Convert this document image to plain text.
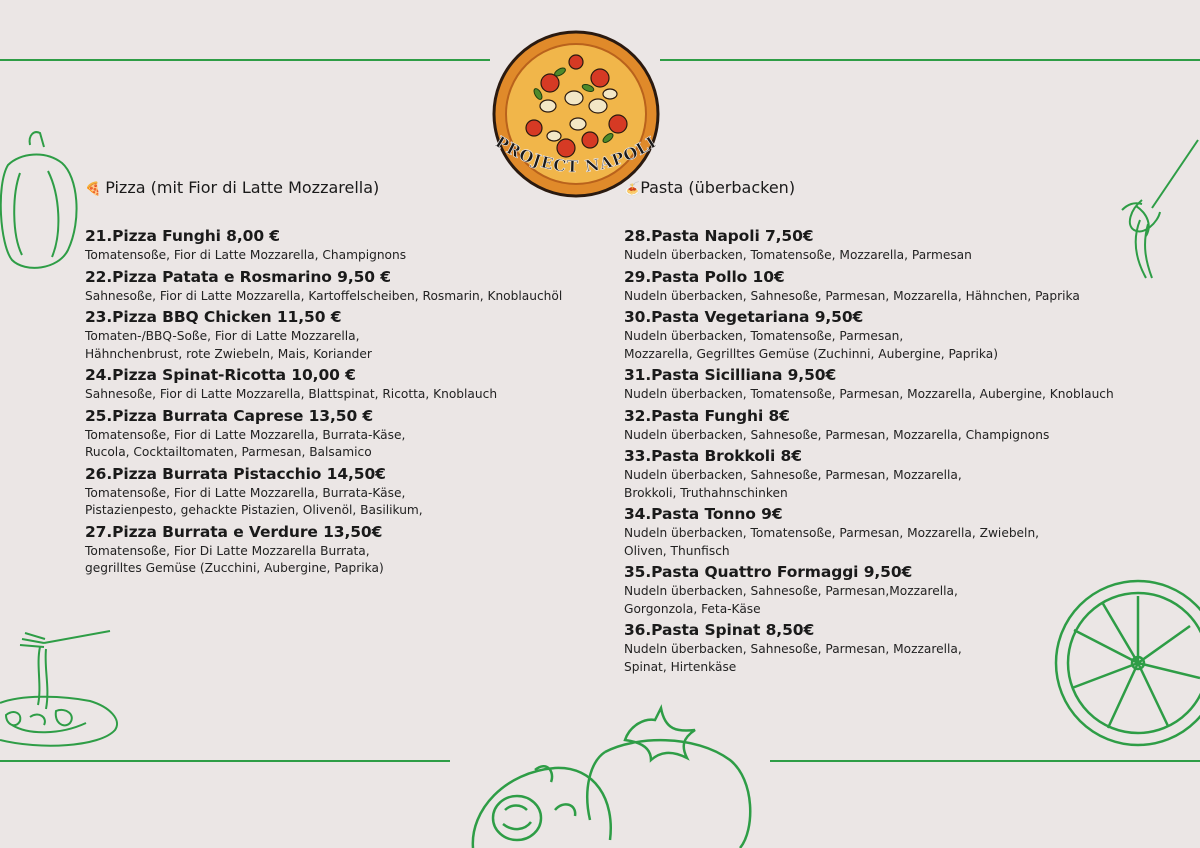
PROJECT NAPOLI
🍕 Pizza (mit Fior di Latte Mozzarella)	🍝Pasta (überbacken)
21.Pizza Funghi 8,00 €
Tomatensoße, Fior di Latte Mozzarella, Champignons
22.Pizza Patata e Rosmarino 9,50 €
Sahnesoße, Fior di Latte Mozzarella, Kartoffelscheiben, Rosmarin, Knoblauchöl
23.Pizza BBQ Chicken 11,50 €
Tomaten-/BBQ-Soße, Fior di Latte Mozzarella,
Hähnchenbrust, rote Zwiebeln, Mais, Koriander
24.Pizza Spinat-Ricotta 10,00 €
Sahnesoße, Fior di Latte Mozzarella, Blattspinat, Ricotta, Knoblauch
25.Pizza Burrata Caprese 13,50 €
Tomatensoße, Fior di Latte Mozzarella, Burrata-Käse,
Rucola, Cocktailtomaten, Parmesan, Balsamico
26.Pizza Burrata Pistacchio 14,50€
Tomatensoße, Fior di Latte Mozzarella, Burrata-Käse,
Pistazienpesto, gehackte Pistazien, Olivenöl, Basilikum,
27.Pizza Burrata e Verdure 13,50€
Tomatensoße, Fior Di Latte Mozzarella Burrata,
gegrilltes Gemüse (Zucchini, Aubergine, Paprika)
28.Pasta Napoli 7,50€
Nudeln überbacken, Tomatensoße, Mozzarella, Parmesan
29.Pasta Pollo 10€
Nudeln überbacken, Sahnesoße, Parmesan, Mozzarella, Hähnchen, Paprika
30.Pasta Vegetariana 9,50€
Nudeln überbacken, Tomatensoße, Parmesan,
Mozzarella, Gegrilltes Gemüse (Zuchinni, Aubergine, Paprika)
31.Pasta Sicilliana 9,50€
Nudeln überbacken, Tomatensoße, Parmesan, Mozzarella, Aubergine, Knoblauch
32.Pasta Funghi 8€
Nudeln überbacken, Sahnesoße, Parmesan, Mozzarella, Champignons
33.Pasta Brokkoli 8€
Nudeln überbacken, Sahnesoße, Parmesan, Mozzarella,
Brokkoli, Truthahnschinken
34.Pasta Tonno 9€
Nudeln überbacken, Tomatensoße, Parmesan, Mozzarella, Zwiebeln,
Oliven, Thunfisch
35.Pasta Quattro Formaggi 9,50€
Nudeln überbacken, Sahnesoße, Parmesan,Mozzarella,
Gorgonzola, Feta-Käse
36.Pasta Spinat 8,50€
Nudeln überbacken, Sahnesoße, Parmesan, Mozzarella,
Spinat, Hirtenkäse
